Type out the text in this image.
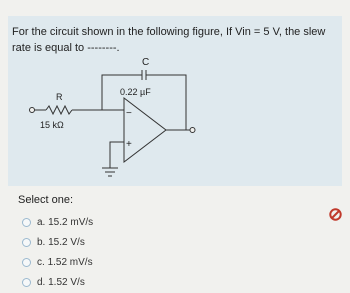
For the circuit shown in the following figure, If Vin = 5 V, the slew
rate is equal to --------.
C
0.22 µF
R
15 kΩ
−
+
Select one:
a.
15.2 mV/s
b.
15.2 V/s
c.
1.52 mV/s
d.
1.52 V/s
